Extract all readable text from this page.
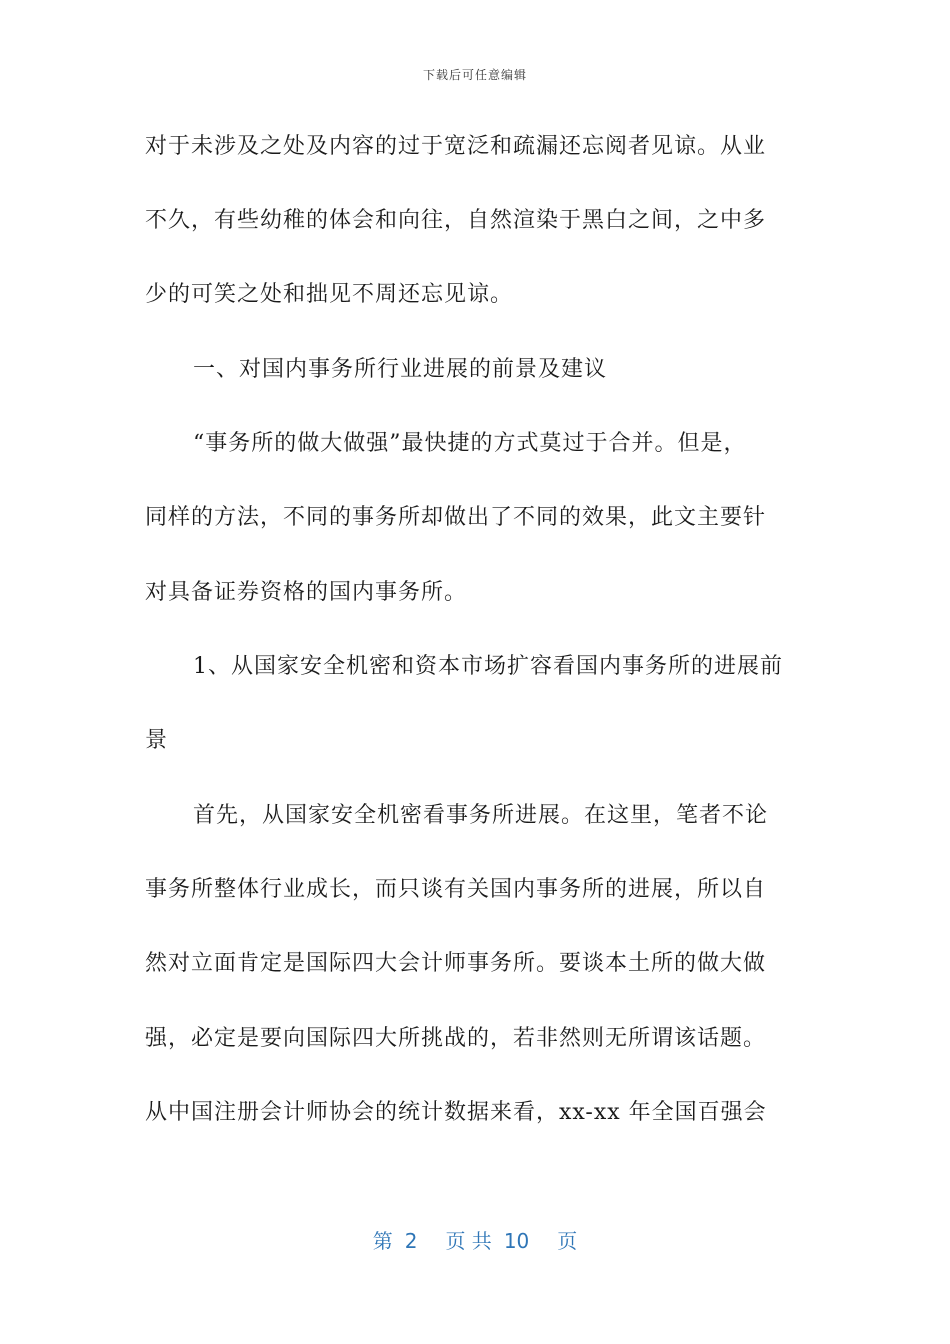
下载后可任意编辑
对于未涉及之处及内容的过于宽泛和疏漏还忘阅者见谅。从业
不久，有些幼稚的体会和向往，自然渲染于黑白之间，之中多
少的可笑之处和拙见不周还忘见谅。
一、对国内事务所行业进展的前景及建议
“事务所的做大做强”最快捷的方式莫过于合并。但是，
同样的方法，不同的事务所却做出了不同的效果，此文主要针
对具备证券资格的国内事务所。
1、从国家安全机密和资本市场扩容看国内事务所的进展前
景
首先，从国家安全机密看事务所进展。在这里，笔者不论
事务所整体行业成长，而只谈有关国内事务所的进展，所以自
然对立面肯定是国际四大会计师事务所。要谈本土所的做大做
强，必定是要向国际四大所挑战的，若非然则无所谓该话题。
从中国注册会计师协会的统计数据来看，xx-xx 年全国百强会
第 2 页 共 10 页
